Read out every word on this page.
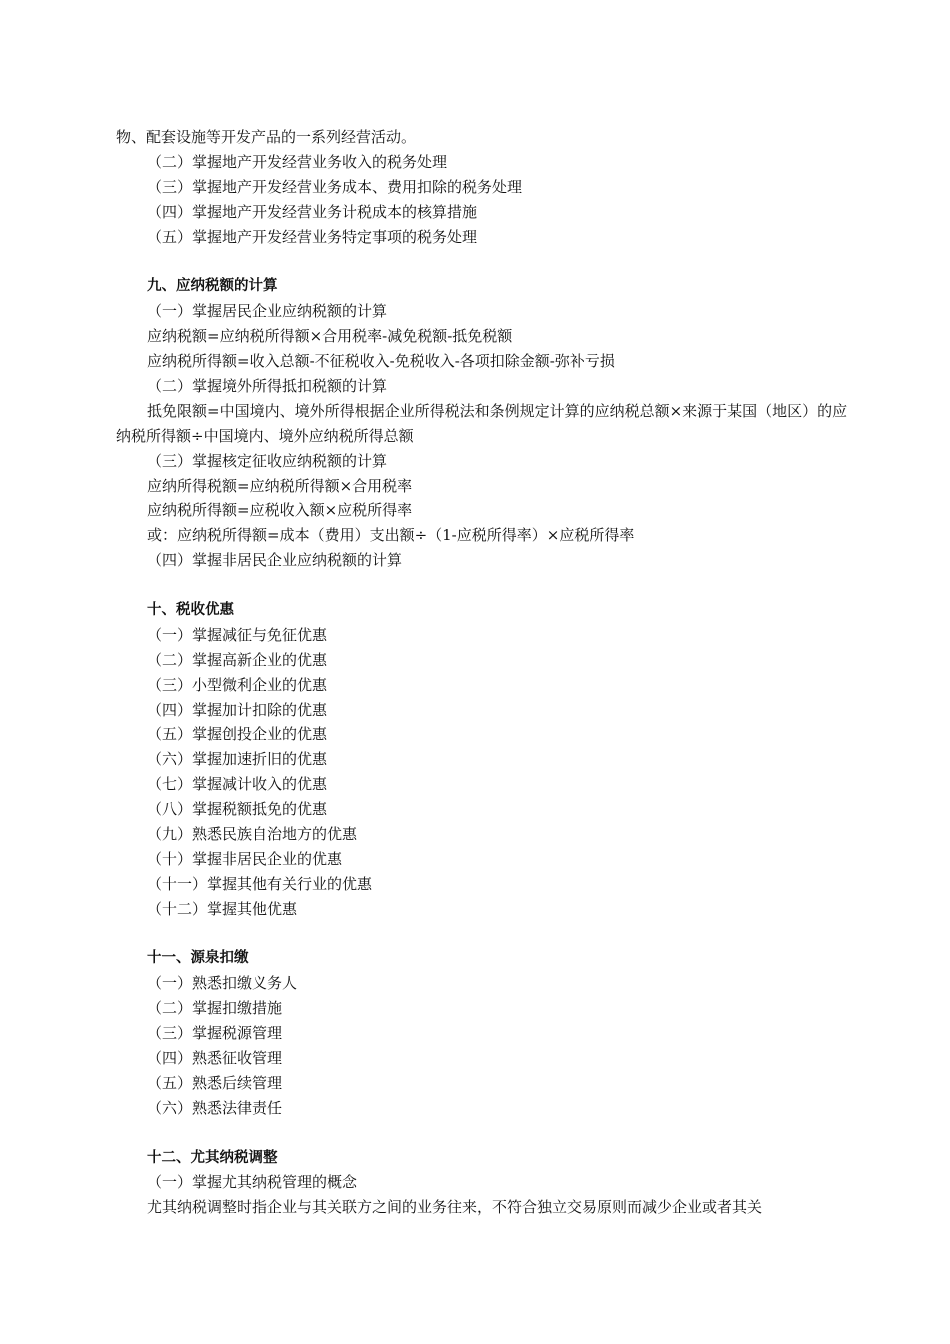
物、配套设施等开发产品的一系列经营活动。
（二）掌握地产开发经营业务收入的税务处理
（三）掌握地产开发经营业务成本、费用扣除的税务处理
（四）掌握地产开发经营业务计税成本的核算措施
（五）掌握地产开发经营业务特定事项的税务处理
九、应纳税额的计算
（一）掌握居民企业应纳税额的计算
应纳税额=应纳税所得额×合用税率-减免税额-抵免税额
应纳税所得额=收入总额-不征税收入-免税收入-各项扣除金额-弥补亏损
（二）掌握境外所得抵扣税额的计算
抵免限额=中国境内、境外所得根据企业所得税法和条例规定计算的应纳税总额×来源于某国（地区）的应纳税所得额÷中国境内、境外应纳税所得总额
（三）掌握核定征收应纳税额的计算
应纳所得税额=应纳税所得额×合用税率
应纳税所得额=应税收入额×应税所得率
或：应纳税所得额=成本（费用）支出额÷（1-应税所得率）×应税所得率
（四）掌握非居民企业应纳税额的计算
十、税收优惠
（一）掌握减征与免征优惠
（二）掌握高新企业的优惠
（三）小型微利企业的优惠
（四）掌握加计扣除的优惠
（五）掌握创投企业的优惠
（六）掌握加速折旧的优惠
（七）掌握减计收入的优惠
（八）掌握税额抵免的优惠
（九）熟悉民族自治地方的优惠
（十）掌握非居民企业的优惠
（十一）掌握其他有关行业的优惠
（十二）掌握其他优惠
十一、源泉扣缴
（一）熟悉扣缴义务人
（二）掌握扣缴措施
（三）掌握税源管理
（四）熟悉征收管理
（五）熟悉后续管理
（六）熟悉法律责任
十二、尤其纳税调整
（一）掌握尤其纳税管理的概念
尤其纳税调整时指企业与其关联方之间的业务往来，不符合独立交易原则而减少企业或者其关
